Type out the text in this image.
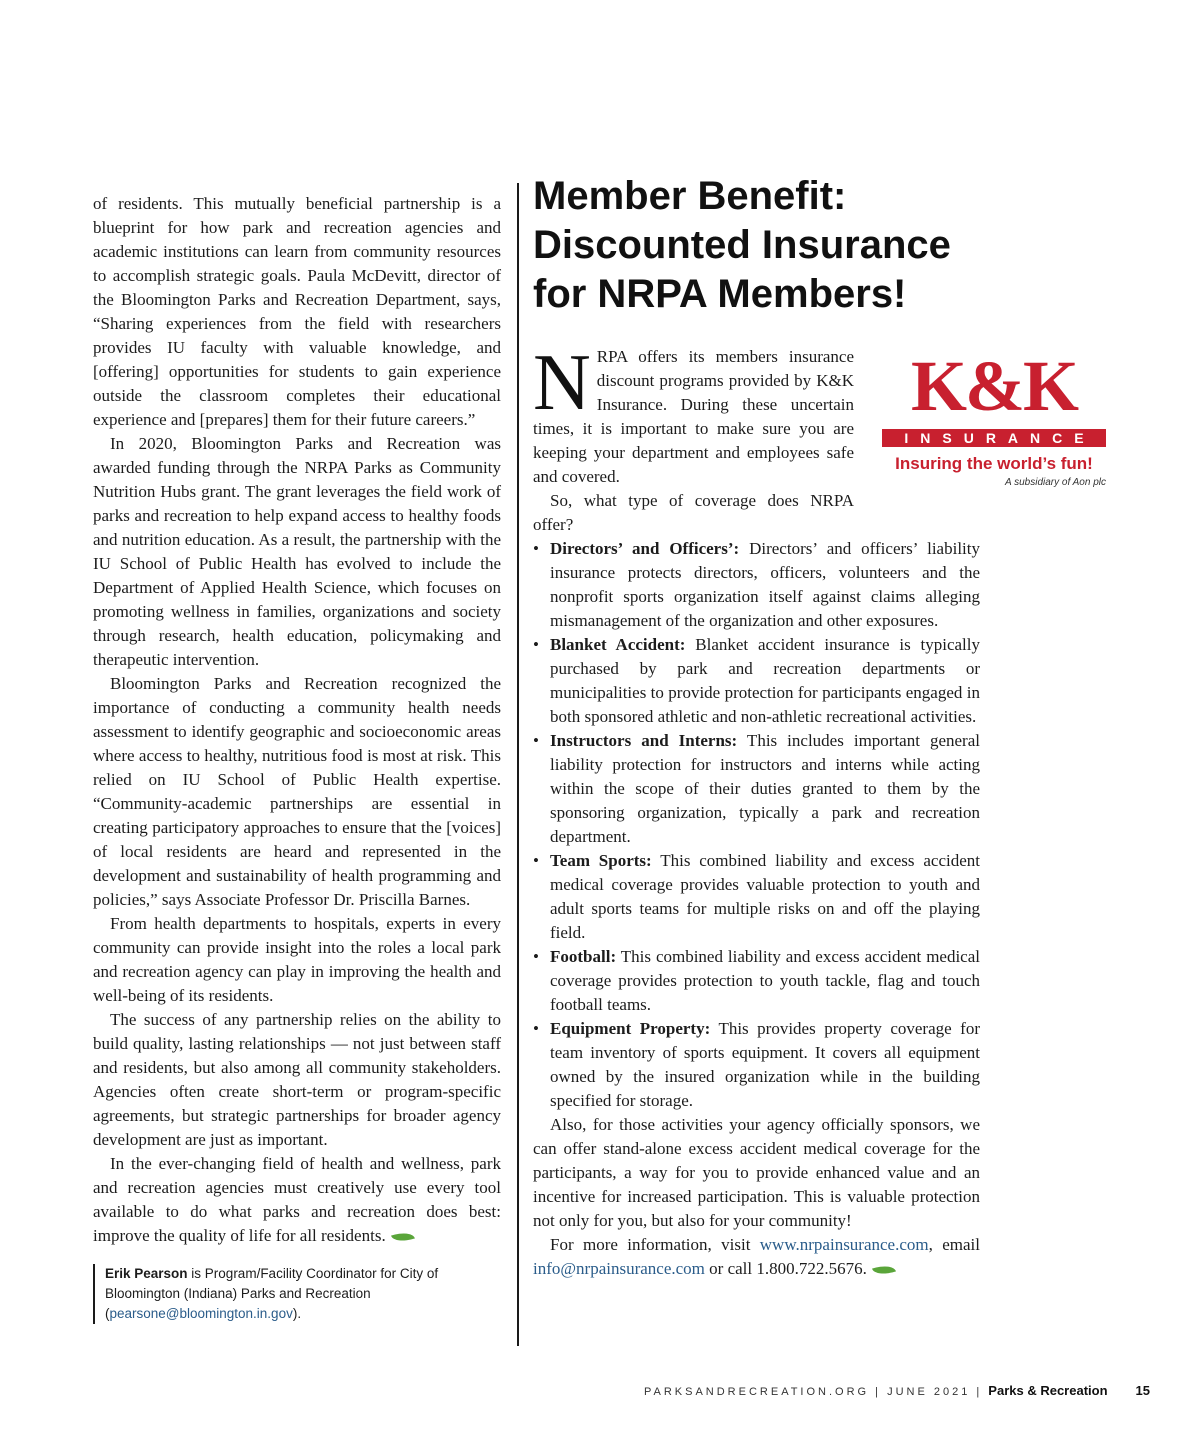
of residents. This mutually beneficial partnership is a blueprint for how park and recreation agencies and academic institutions can learn from community resources to accomplish strategic goals. Paula McDevitt, director of the Bloomington Parks and Recreation Department, says, “Sharing experiences from the field with researchers provides IU faculty with valuable knowledge, and [offering] opportunities for students to gain experience outside the classroom completes their educational experience and [prepares] them for their future careers.”

In 2020, Bloomington Parks and Recreation was awarded funding through the NRPA Parks as Community Nutrition Hubs grant. The grant leverages the field work of parks and recreation to help expand access to healthy foods and nutrition education. As a result, the partnership with the IU School of Public Health has evolved to include the Department of Applied Health Science, which focuses on promoting wellness in families, organizations and society through research, health education, policymaking and therapeutic intervention.

Bloomington Parks and Recreation recognized the importance of conducting a community health needs assessment to identify geographic and socioeconomic areas where access to healthy, nutritious food is most at risk. This relied on IU School of Public Health expertise. “Community-academic partnerships are essential in creating participatory approaches to ensure that the [voices] of local residents are heard and represented in the development and sustainability of health programming and policies,” says Associate Professor Dr. Priscilla Barnes.

From health departments to hospitals, experts in every community can provide insight into the roles a local park and recreation agency can play in improving the health and well-being of its residents.

The success of any partnership relies on the ability to build quality, lasting relationships — not just between staff and residents, but also among all community stakeholders. Agencies often create short-term or program-specific agreements, but strategic partnerships for broader agency development are just as important.

In the ever-changing field of health and wellness, park and recreation agencies must creatively use every tool available to do what parks and recreation does best: improve the quality of life for all residents.

Erik Pearson is Program/Facility Coordinator for City of Bloomington (Indiana) Parks and Recreation (pearsone@bloomington.in.gov).
Member Benefit: Discounted Insurance for NRPA Members!
K&K
INSURANCE
Insuring the world’s fun!
A subsidiary of Aon plc

NRPA offers its members insurance discount programs provided by K&K Insurance. During these uncertain times, it is important to make sure you are keeping your department and employees safe and covered.

So, what type of coverage does NRPA offer?

• Directors’ and Officers’: Directors’ and officers’ liability insurance protects directors, officers, volunteers and the nonprofit sports organization itself against claims alleging mismanagement of the organization and other exposures.
• Blanket Accident: Blanket accident insurance is typically purchased by park and recreation departments or municipalities to provide protection for participants engaged in both sponsored athletic and non-athletic recreational activities.
• Instructors and Interns: This includes important general liability protection for instructors and interns while acting within the scope of their duties granted to them by the sponsoring organization, typically a park and recreation department.
• Team Sports: This combined liability and excess accident medical coverage provides valuable protection to youth and adult sports teams for multiple risks on and off the playing field.
• Football: This combined liability and excess accident medical coverage provides protection to youth tackle, flag and touch football teams.
• Equipment Property: This provides property coverage for team inventory of sports equipment. It covers all equipment owned by the insured organization while in the building specified for storage.

Also, for those activities your agency officially sponsors, we can offer stand-alone excess accident medical coverage for the participants, a way for you to provide enhanced value and an incentive for increased participation. This is valuable protection not only for you, but also for your community!

For more information, visit www.nrpainsurance.com, email info@nrpainsurance.com or call 1.800.722.5676.

PARKSANDRECREATION.ORG | JUNE 2021 | Parks & Recreation 15
